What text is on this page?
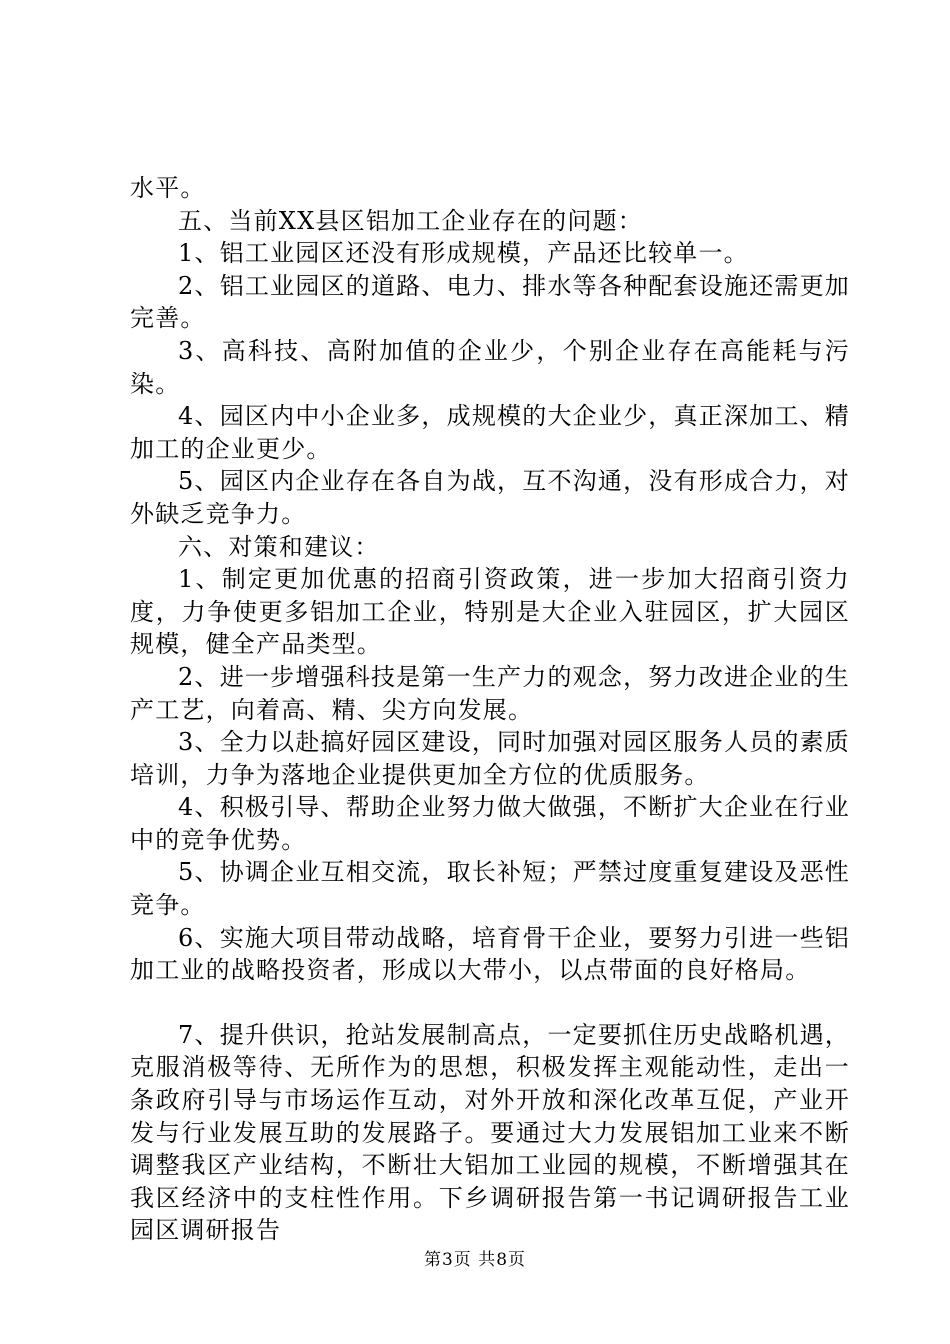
水平。

五、当前XX县区铝加工企业存在的问题：

1、铝工业园区还没有形成规模，产品还比较单一。

2、铝工业园区的道路、电力、排水等各种配套设施还需更加完善。

3、高科技、高附加值的企业少，个别企业存在高能耗与污染。

4、园区内中小企业多，成规模的大企业少，真正深加工、精加工的企业更少。

5、园区内企业存在各自为战，互不沟通，没有形成合力，对外缺乏竞争力。

六、对策和建议：

1、制定更加优惠的招商引资政策，进一步加大招商引资力度，力争使更多铝加工企业，特别是大企业入驻园区，扩大园区规模，健全产品类型。

2、进一步增强科技是第一生产力的观念，努力改进企业的生产工艺，向着高、精、尖方向发展。

3、全力以赴搞好园区建设，同时加强对园区服务人员的素质培训，力争为落地企业提供更加全方位的优质服务。

4、积极引导、帮助企业努力做大做强，不断扩大企业在行业中的竞争优势。

5、协调企业互相交流，取长补短；严禁过度重复建设及恶性竞争。

6、实施大项目带动战略，培育骨干企业，要努力引进一些铝加工业的战略投资者，形成以大带小，以点带面的良好格局。

7、提升供识，抢站发展制高点，一定要抓住历史战略机遇，克服消极等待、无所作为的思想，积极发挥主观能动性，走出一条政府引导与市场运作互动，对外开放和深化改革互促，产业开发与行业发展互助的发展路子。要通过大力发展铝加工业来不断调整我区产业结构，不断壮大铝加工业园的规模，不断增强其在我区经济中的支柱性作用。下乡调研报告第一书记调研报告工业园区调研报告

第3页 共8页
